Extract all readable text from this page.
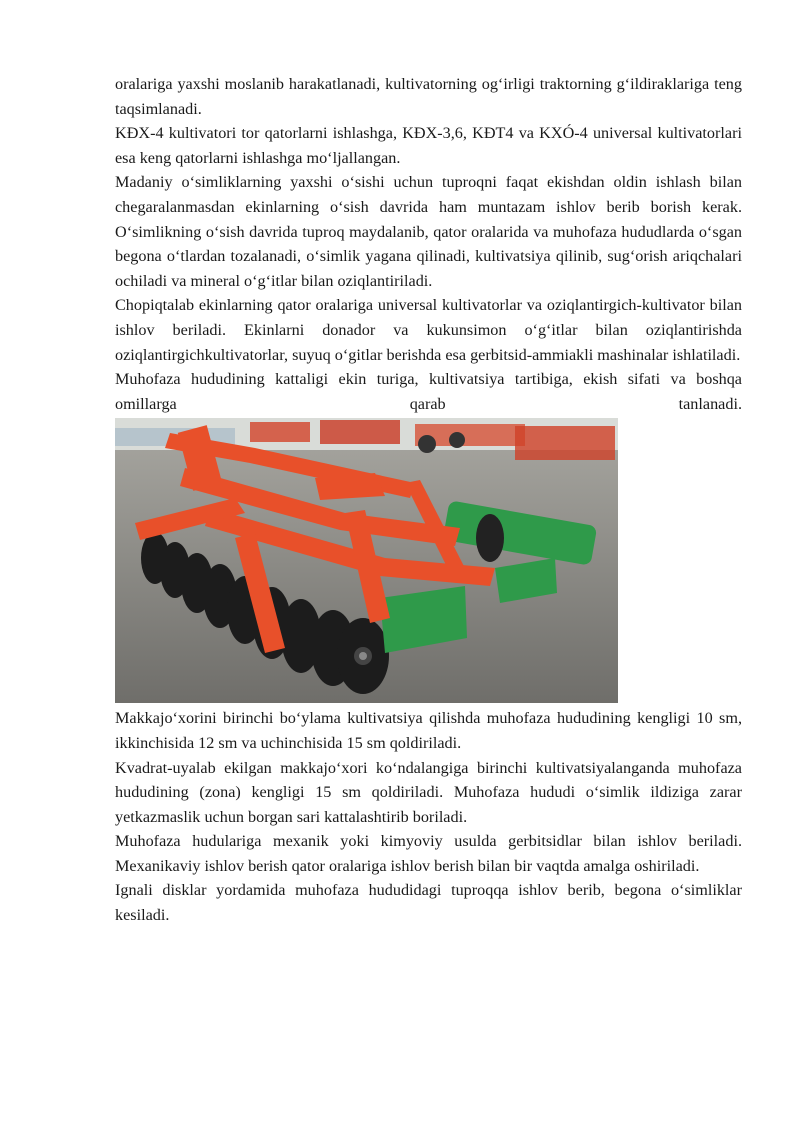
oralariga yaxshi moslanib harakatlanadi, kultivatorning og‘irligi traktorning g‘ildiraklariga teng taqsimlanadi.

KĐX-4 kultivatori tor qatorlarni ishlashga, KĐX-3,6, KĐT4 va KXÓ-4 universal kultivatorlari esa keng qatorlarni ishlashga mo‘ljallangan.

Madaniy o‘simliklarning yaxshi o‘sishi uchun tuproqni faqat ekishdan oldin ishlash bilan chegaralanmasdan ekinlarning o‘sish davrida ham muntazam ishlov berib borish kerak. O‘simlikning o‘sish davrida tuproq maydalanib, qator oralarida va muhofaza hududlarda o‘sgan begona o‘tlardan tozalanadi, o‘simlik yagana qilinadi, kultivatsiya qilinib, sug‘orish ariqchalari ochiladi va mineral o‘g‘itlar bilan oziqlantiriladi.

Chopiqtalab ekinlarning qator oralariga universal kultivatorlar va oziqlantirgich-kultivator bilan ishlov beriladi. Ekinlarni donador va kukunsimon o‘g‘itlar bilan oziqlantirishda oziqlantirgichkultivatorlar, suyuq o‘gitlar berishda esa gerbitsid-ammiakli mashinalar ishlatiladi.

Muhofaza hududining kattaligi ekin turiga, kultivatsiya tartibiga, ekish sifati va boshqa omillarga qarab tanlanadi.

Makkajo‘xorini birinchi bo‘ylama kultivatsiya qilishda muhofaza hududining kengligi 10 sm, ikkinchisida 12 sm va uchinchisida 15 sm qoldiriladi.

Kvadrat-uyalab ekilgan makkajo‘xori ko‘ndalangiga birinchi kultivatsiyalanganda muhofaza hududining (zona) kengligi 15 sm qoldiriladi. Muhofaza hududi o‘simlik ildiziga zarar yetkazmaslik uchun borgan sari kattalashtirib boriladi.

Muhofaza hudulariga mexanik yoki kimyoviy usulda gerbitsidlar bilan ishlov beriladi. Mexanikaviy ishlov berish qator oralariga ishlov berish bilan bir vaqtda amalga oshiriladi.

Ignali disklar yordamida muhofaza hududidagi tuproqqa ishlov berib, begona o‘simliklar kesiladi.
